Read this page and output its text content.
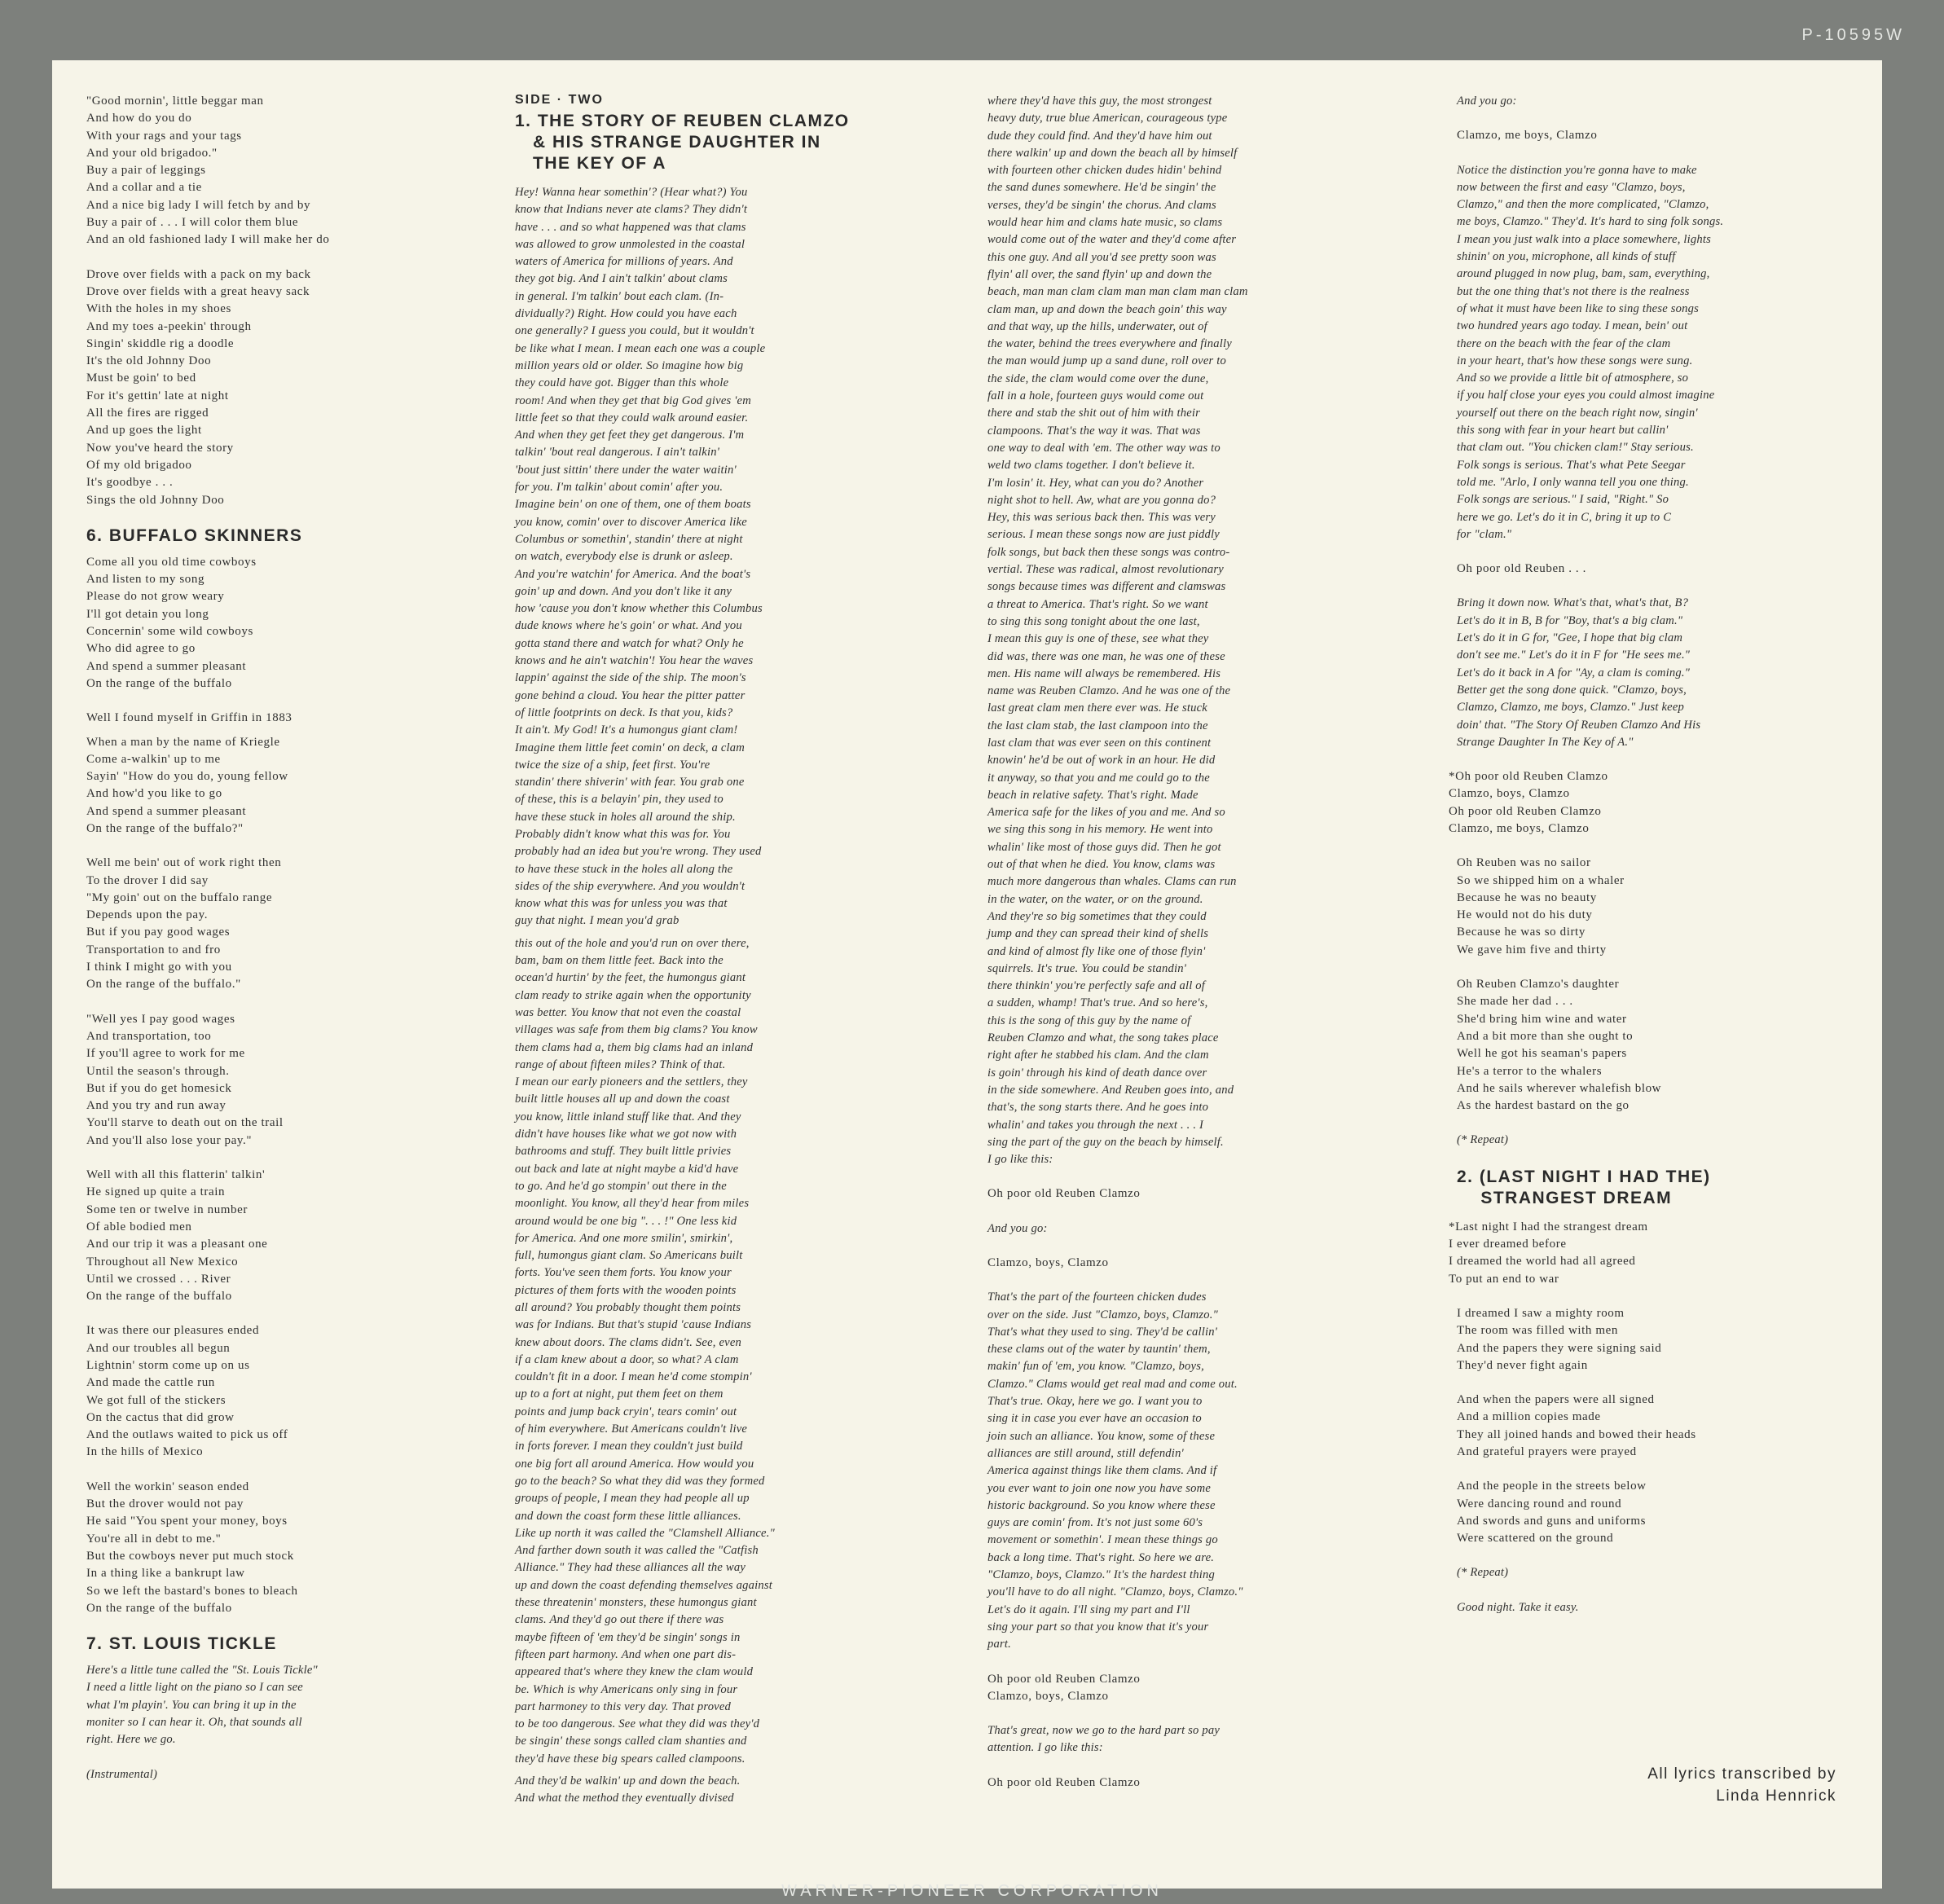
P-10595W
"Good mornin', little beggar man
And how do you do
With your rags and your tags
And your old brigadoo."
Buy a pair of leggings
And a collar and a tie
And a nice big lady I will fetch by and by
Buy a pair of . . . I will color them blue
And an old fashioned lady I will make her do
Drove over fields with a pack on my back
Drove over fields with a great heavy sack
With the holes in my shoes
And my toes a-peekin' through
Singin' skiddle rig a doodle
It's the old Johnny Doo
Must be goin' to bed
For it's gettin' late at night
All the fires are rigged
And up goes the light
Now you've heard the story
Of my old brigadoo
It's goodbye . . .
Sings the old Johnny Doo
6. BUFFALO SKINNERS
Come all you old time cowboys
And listen to my song
Please do not grow weary
I'll got detain you long
Concernin' some wild cowboys
Who did agree to go
And spend a summer pleasant
On the range of the buffalo
Well I found myself in Griffin in 1883
When a man by the name of Kriegle
Come a-walkin' up to me
Sayin' "How do you do, young fellow
And how'd you like to go
And spend a summer pleasant
On the range of the buffalo?"
Well me bein' out of work right then
To the drover I did say
"My goin' out on the buffalo range
Depends upon the pay.
But if you pay good wages
Transportation to and fro
I think I might go with you
On the range of the buffalo."
"Well yes I pay good wages
And transportation, too
If you'll agree to work for me
Until the season's through.
But if you do get homesick
And you try and run away
You'll starve to death out on the trail
And you'll also lose your pay."
Well with all this flatterin' talkin'
He signed up quite a train
Some ten or twelve in number
Of able bodied men
And our trip it was a pleasant one
Throughout all New Mexico
Until we crossed . . . River
On the range of the buffalo
It was there our pleasures ended
And our troubles all begun
Lightnin' storm come up on us
And made the cattle run
We got full of the stickers
On the cactus that did grow
And the outlaws waited to pick us off
In the hills of Mexico
Well the workin' season ended
But the drover would not pay
He said "You spent your money, boys
You're all in debt to me."
But the cowboys never put much stock
In a thing like a bankrupt law
So we left the bastard's bones to bleach
On the range of the buffalo
7. ST. LOUIS TICKLE
Here's a little tune called the "St. Louis Tickle"
I need a little light on the piano so I can see
what I'm playin'. You can bring it up in the
moniter so I can hear it. Oh, that sounds all
right. Here we go.
(Instrumental)
SIDE · TWO
1. THE STORY OF REUBEN CLAMZO
& HIS STRANGE DAUGHTER IN
THE KEY OF A
Hey! Wanna hear somethin'? (Hear what?) You
know that Indians never ate clams? They didn't
have . . . and so what happened was that clams
was allowed to grow unmolested in the coastal
waters of America for millions of years. And
they got big. And I ain't talkin' about clams
in general. I'm talkin' bout each clam. (In-
dividually?) Right. How could you have each
one generally? I guess you could, but it wouldn't
be like what I mean. I mean each one was a couple
million years old or older. So imagine how big
they could have got. Bigger than this whole
room! And when they get that big God gives 'em
little feet so that they could walk around easier.
And when they get feet they get dangerous. I'm
talkin' 'bout real dangerous. I ain't talkin'
'bout just sittin' there under the water waitin'
for you. I'm talkin' about comin' after you.
Imagine bein' on one of them, one of them boats
you know, comin' over to discover America like
Columbus or somethin', standin' there at night
on watch, everybody else is drunk or asleep.
And you're watchin' for America. And the boat's
goin' up and down. And you don't like it any
how 'cause you don't know whether this Columbus
dude knows where he's goin' or what. And you
gotta stand there and watch for what? Only he
knows and he ain't watchin'! You hear the waves
lappin' against the side of the ship. The moon's
gone behind a cloud. You hear the pitter patter
of little footprints on deck. Is that you, kids?
It ain't. My God! It's a humongus giant clam!
Imagine them little feet comin' on deck, a clam
twice the size of a ship, feet first. You're
standin' there shiverin' with fear. You grab one
of these, this is a belayin' pin, they used to
have these stuck in holes all around the ship.
Probably didn't know what this was for. You
probably had an idea but you're wrong. They used
to have these stuck in the holes all along the
sides of the ship everywhere. And you wouldn't
know what this was for unless you was that
guy that night. I mean you'd grab
this out of the hole and you'd run on over there,
bam, bam on them little feet. Back into the
ocean'd hurtin' by the feet, the humongus giant
clam ready to strike again when the opportunity
was better. You know that not even the coastal
villages was safe from them big clams? You know
them clams had a, them big clams had an inland
range of about fifteen miles? Think of that.
I mean our early pioneers and the settlers, they
built little houses all up and down the coast
you know, little inland stuff like that. And they
didn't have houses like what we got now with
bathrooms and stuff. They built little privies
out back and late at night maybe a kid'd have
to go. And he'd go stompin' out there in the
moonlight. You know, all they'd hear from miles
around would be one big ". . . !" One less kid
for America. And one more smilin', smirkin',
full, humongus giant clam. So Americans built
forts. You've seen them forts. You know your
pictures of them forts with the wooden points
all around? You probably thought them points
was for Indians. But that's stupid 'cause Indians
knew about doors. The clams didn't. See, even
if a clam knew about a door, so what? A clam
couldn't fit in a door. I mean he'd come stompin'
up to a fort at night, put them feet on them
points and jump back cryin', tears comin' out
of him everywhere. But Americans couldn't live
in forts forever. I mean they couldn't just build
one big fort all around America. How would you
go to the beach? So what they did was they formed
groups of people, I mean they had people all up
and down the coast form these little alliances.
Like up north it was called the "Clamshell Alliance."
And farther down south it was called the "Catfish
Alliance." They had these alliances all the way
up and down the coast defending themselves against
these threatenin' monsters, these humongus giant
clams. And they'd go out there if there was
maybe fifteen of 'em they'd be singin' songs in
fifteen part harmony. And when one part dis-
appeared that's where they knew the clam would
be. Which is why Americans only sing in four
part harmoney to this very day. That proved
to be too dangerous. See what they did was they'd
be singin' these songs called clam shanties and
they'd have these big spears called clampoons.
And they'd be walkin' up and down the beach.
And what the method they eventually divised
where they'd have this guy, the most strongest
heavy duty, true blue American, courageous type
dude they could find. And they'd have him out
there walkin' up and down the beach all by himself
with fourteen other chicken dudes hidin' behind
the sand dunes somewhere. He'd be singin' the
verses, they'd be singin' the chorus. And clams
would hear him and clams hate music, so clams
would come out of the water and they'd come after
this one guy. And all you'd see pretty soon was
flyin' all over, the sand flyin' up and down the
beach, man man clam clam man man clam man clam
clam man, up and down the beach goin' this way
and that way, up the hills, underwater, out of
the water, behind the trees everywhere and finally
the man would jump up a sand dune, roll over to
the side, the clam would come over the dune,
fall in a hole, fourteen guys would come out
there and stab the shit out of him with their
clampoons. That's the way it was. That was
one way to deal with 'em. The other way was to
weld two clams together. I don't believe it.
I'm losin' it. Hey, what can you do? Another
night shot to hell. Aw, what are you gonna do?
Hey, this was serious back then. This was very
serious. I mean these songs now are just piddly
folk songs, but back then these songs was contro-
vertial. These was radical, almost revolutionary
songs because times was different and clamswas
a threat to America. That's right. So we want
to sing this song tonight about the one last,
I mean this guy is one of these, see what they
did was, there was one man, he was one of these
men. His name will always be remembered. His
name was Reuben Clamzo. And he was one of the
last great clam men there ever was. He stuck
the last clam stab, the last clampoon into the
last clam that was ever seen on this continent
knowin' he'd be out of work in an hour. He did
it anyway, so that you and me could go to the
beach in relative safety. That's right. Made
America safe for the likes of you and me. And so
we sing this song in his memory. He went into
whalin' like most of those guys did. Then he got
out of that when he died. You know, clams was
much more dangerous than whales. Clams can run
in the water, on the water, or on the ground.
And they're so big sometimes that they could
jump and they can spread their kind of shells
and kind of almost fly like one of those flyin'
squirrels. It's true. You could be standin'
there thinkin' you're perfectly safe and all of
a sudden, whamp! That's true. And so here's,
this is the song of this guy by the name of
Reuben Clamzo and what, the song takes place
right after he stabbed his clam. And the clam
is goin' through his kind of death dance over
in the side somewhere. And Reuben goes into, and
that's, the song starts there. And he goes into
whalin' and takes you through the next . . . I
sing the part of the guy on the beach by himself.
I go like this:
Oh poor old Reuben Clamzo
And you go:
Clamzo, boys, Clamzo
That's the part of the fourteen chicken dudes
over on the side. Just "Clamzo, boys, Clamzo."
That's what they used to sing. They'd be callin'
these clams out of the water by tauntin' them,
makin' fun of 'em, you know. "Clamzo, boys,
Clamzo." Clams would get real mad and come out.
That's true. Okay, here we go. I want you to
sing it in case you ever have an occasion to
join such an alliance. You know, some of these
alliances are still around, still defendin'
America against things like them clams. And if
you ever want to join one now you have some
historic background. So you know where these
guys are comin' from. It's not just some 60's
movement or somethin'. I mean these things go
back a long time. That's right. So here we are.
"Clamzo, boys, Clamzo." It's the hardest thing
you'll have to do all night. "Clamzo, boys, Clamzo."
Let's do it again. I'll sing my part and I'll
sing your part so that you know that it's your
part.
Oh poor old Reuben Clamzo
Clamzo, boys, Clamzo
That's great, now we go to the hard part so pay
attention. I go like this:
Oh poor old Reuben Clamzo
And you go:
Clamzo, me boys, Clamzo
Notice the distinction you're gonna have to make
now between the first and easy "Clamzo, boys,
Clamzo," and then the more complicated, "Clamzo,
me boys, Clamzo." They'd. It's hard to sing folk songs.
I mean you just walk into a place somewhere, lights
shinin' on you, microphone, all kinds of stuff
around plugged in now plug, bam, sam, everything,
but the one thing that's not there is the realness
of what it must have been like to sing these songs
two hundred years ago today. I mean, bein' out
there on the beach with the fear of the clam
in your heart, that's how these songs were sung.
And so we provide a little bit of atmosphere, so
if you half close your eyes you could almost imagine
yourself out there on the beach right now, singin'
this song with fear in your heart but callin'
that clam out. "You chicken clam!" Stay serious.
Folk songs is serious. That's what Pete Seegar
told me. "Arlo, I only wanna tell you one thing.
Folk songs are serious." I said, "Right." So
here we go. Let's do it in C, bring it up to C
for "clam."
Oh poor old Reuben . . .
Bring it down now. What's that, what's that, B?
Let's do it in B, B for "Boy, that's a big clam."
Let's do it in G for, "Gee, I hope that big clam
don't see me." Let's do it in F for "He sees me."
Let's do it back in A for "Ay, a clam is coming."
Better get the song done quick. "Clamzo, boys,
Clamzo, Clamzo, me boys, Clamzo." Just keep
doin' that. "The Story Of Reuben Clamzo And His
Strange Daughter In The Key of A."
*Oh poor old Reuben Clamzo
Clamzo, boys, Clamzo
Oh poor old Reuben Clamzo
Clamzo, me boys, Clamzo
Oh Reuben was no sailor
So we shipped him on a whaler
Because he was no beauty
He would not do his duty
Because he was so dirty
We gave him five and thirty
Oh Reuben Clamzo's daughter
She made her dad . . .
She'd bring him wine and water
And a bit more than she ought to
Well he got his seaman's papers
He's a terror to the whalers
And he sails wherever whalefish blow
As the hardest bastard on the go
(* Repeat)
2. (LAST NIGHT I HAD THE)
STRANGEST DREAM
*Last night I had the strangest dream
I ever dreamed before
I dreamed the world had all agreed
To put an end to war
I dreamed I saw a mighty room
The room was filled with men
And the papers they were signing said
They'd never fight again
And when the papers were all signed
And a million copies made
They all joined hands and bowed their heads
And grateful prayers were prayed
And the people in the streets below
Were dancing round and round
And swords and guns and uniforms
Were scattered on the ground
(* Repeat)
Good night. Take it easy.
All lyrics transcribed by
Linda Hennrick
WARNER-PIONEER CORPORATION
